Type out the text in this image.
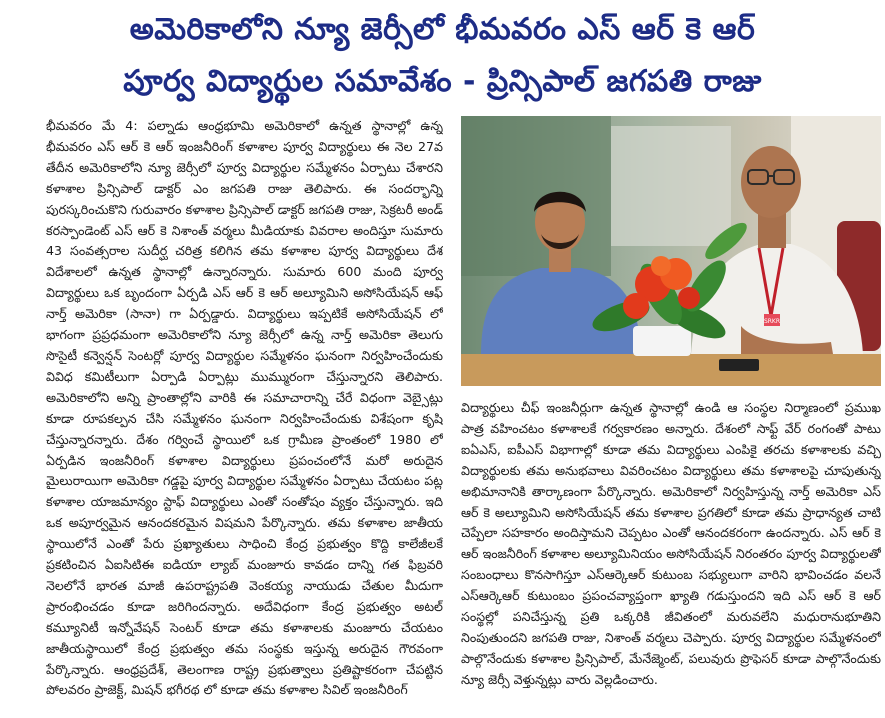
అమెరికాలోని న్యూ జెర్సీలో భీమవరం ఎస్ ఆర్ కె ఆర్
పూర్వ విద్యార్థుల సమావేశం - ప్రిన్సిపాల్ జగపతి రాజు

భీమవరం మే 4: పల్నాడు ఆంధ్రభూమి అమెరికాలో ఉన్నత స్థానాల్లో ఉన్న భీమవరం ఎస్ ఆర్ కె ఆర్ ఇంజనీరింగ్ కళాశాల పూర్వ విద్యార్థులు ఈ నెల 27వ తేదీన అమెరికాలోని న్యూ జెర్సీలో పూర్వ విద్యార్థుల సమ్మేళనం ఏర్పాటు చేశారని కళాశాల ప్రిన్సిపాల్ డాక్టర్ ఎం జగపతి రాజు తెలిపారు. ఈ సందర్భాన్ని పురస్కరించుకొని గురువారం కళాశాల ప్రిన్సిపాల్ డాక్టర్ జగపతి రాజు, సెక్రటరీ అండ్ కరస్పాండెంట్ ఎస్ ఆర్ కె నిశాంత్ వర్మలు మీడియాకు వివరాల అందిస్తూ సుమారు 43 సంవత్సరాల సుదీర్ఘ చరిత్ర కలిగిన తమ కళాశాల పూర్వ విద్యార్థులు దేశ విదేశాలలో ఉన్నత స్థానాల్లో ఉన్నారన్నారు. సుమారు 600 మంది పూర్వ విద్యార్థులు ఒక బృందంగా ఏర్పడి ఎస్ ఆర్ కె ఆర్ అల్యూమిని అసోసియేషన్ ఆఫ్ నార్త్ అమెరికా (సానా) గా ఏర్పడ్డారు. విద్యార్థులు ఇప్పటికే అసోసియేషన్ లో భాగంగా ప్రప్రధమంగా అమెరికాలోని న్యూ జెర్సీలో ఉన్న నార్త్ అమెరికా తెలుగు సొసైటీ కన్వెన్షన్ సెంటర్లో పూర్వ విద్యార్థుల సమ్మేళనం ఘనంగా నిర్వహించేందుకు వివిధ కమిటీలుగా ఏర్పాడి ఏర్పాట్లు ముమ్మురంగా చేస్తున్నారని తెలిపారు. అమెరికాలోని అన్ని ప్రాంతాల్లోని వారికి ఈ సమాచారాన్ని చేరే విధంగా వెబ్సైట్లు కూడా రూపకల్పన చేసి సమ్మేళనం ఘనంగా నిర్వహించేందుకు విశేషంగా కృషి చేస్తున్నారన్నారు. దేశం గర్వించే స్థాయిలో ఒక గ్రామీణ ప్రాంతంలో 1980 లో ఏర్పడిన ఇంజనీరింగ్ కళాశాల విద్యార్థులు ప్రపంచంలోనే మరో అరుదైన మైలురాయిగా అమెరికా గడ్డపై పూర్వ విద్యార్థుల సమ్మేళనం ఏర్పాటు చేయటం పట్ల కళాశాల యాజమాన్యం స్టాఫ్ విద్యార్థులు ఎంతో సంతోషం వ్యక్తం చేస్తున్నారు. ఇది ఒక అపూర్వమైన ఆనందకరమైన విషమని పేర్కొన్నారు. తమ కళాశాల జాతీయ స్థాయిలోనే ఎంతో పేరు ప్రఖ్యాతులు సాధించి కేంద్ర ప్రభుత్వం కొద్ది కాలేజీలకే ప్రకటించిన ఏఐసిటిఈ ఐడియా ల్యాబ్ మంజూరు కావడం దాన్ని గత ఫిబ్రవరి నెలలోనే భారత మాజీ ఉపరాష్ట్రపతి వెంకయ్య నాయుడు చేతుల మీదుగా ప్రారంభించడం కూడా జరిగిందన్నారు. అదేవిధంగా కేంద్ర ప్రభుత్వం అటల్ కమ్యూనిటీ ఇన్నోవేషన్ సెంటర్ కూడా తమ కళాశాలకు మంజూరు చేయటం జాతీయస్థాయిలో కేంద్ర ప్రభుత్వం తమ సంస్థకు ఇస్తున్న అరుదైన గౌరవంగా పేర్కొన్నారు. ఆంధ్రప్రదేశ్, తెలంగాణ రాష్ట్ర ప్రభుత్వాలు ప్రతిష్టాకరంగా చేపట్టిన పోలవరం ప్రాజెక్ట్, మిషన్ భగీరథ లో కూడా తమ కళాశాల సివిల్ ఇంజనీరింగ్

SRKR

విద్యార్థులు చీఫ్ ఇంజనీర్లుగా ఉన్నత స్థానాల్లో ఉండి ఆ సంస్థల నిర్మాణంలో ప్రముఖ పాత్ర వహించటం కళాశాలకే గర్వకారణం అన్నారు. దేశంలో సాఫ్ట్ వేర్ రంగంతో పాటు ఐఏఎస్, ఐపీఎస్ విభాగాల్లో కూడా తమ విద్యార్థులు ఎంపికై తరచు కళాశాలకు వచ్చి విద్యార్థులకు తమ అనుభవాలు వివరించటం విద్యార్థులు తమ కళాశాలపై చూపుతున్న అభిమానానికి తార్కాణంగా పేర్కొన్నారు. అమెరికాలో నిర్వహిస్తున్న నార్త్ అమెరికా ఎస్ ఆర్ కె అల్యూమిని అసోసియేషన్ తమ కళాశాల ప్రగతిలో కూడా తమ ప్రాధాన్యత చాటి చెప్పేలా సహకారం అందిస్తామని చెప్పటం ఎంతో ఆనందకరంగా ఉందన్నారు. ఎస్ ఆర్ కె ఆర్ ఇంజనీరింగ్ కళాశాల అల్యూమినియం అసోసియేషన్ నిరంతరం పూర్వ విద్యార్థులతో సంబంధాలు కొనసాగిస్తూ ఎస్ఆర్కెఆర్ కుటుంబ సభ్యులుగా వారిని భావించడం వలనే ఎస్ఆర్కెఆర్ కుటుంబం ప్రపంచవ్యాప్తంగా ఖ్యాతి గడుస్తుందని ఇది ఎస్ ఆర్ కె ఆర్ సంస్థల్లో పనిచేస్తున్న ప్రతి ఒక్కరికి జీవితంలో మరువలేని మధురానుభూతిని నింపుతుందని జగపతి రాజు, నిశాంత్ వర్మలు చెప్పారు. పూర్వ విద్యార్థుల సమ్మేళనంలో పాల్గొనేందుకు కళాశాల ప్రిన్సిపాల్, మేనేజ్మెంట్, పలువురు ప్రొఫెసర్ కూడా పాల్గొనేందుకు న్యూ జెర్సీ వెళ్తున్నట్లు వారు వెల్లడించారు.
